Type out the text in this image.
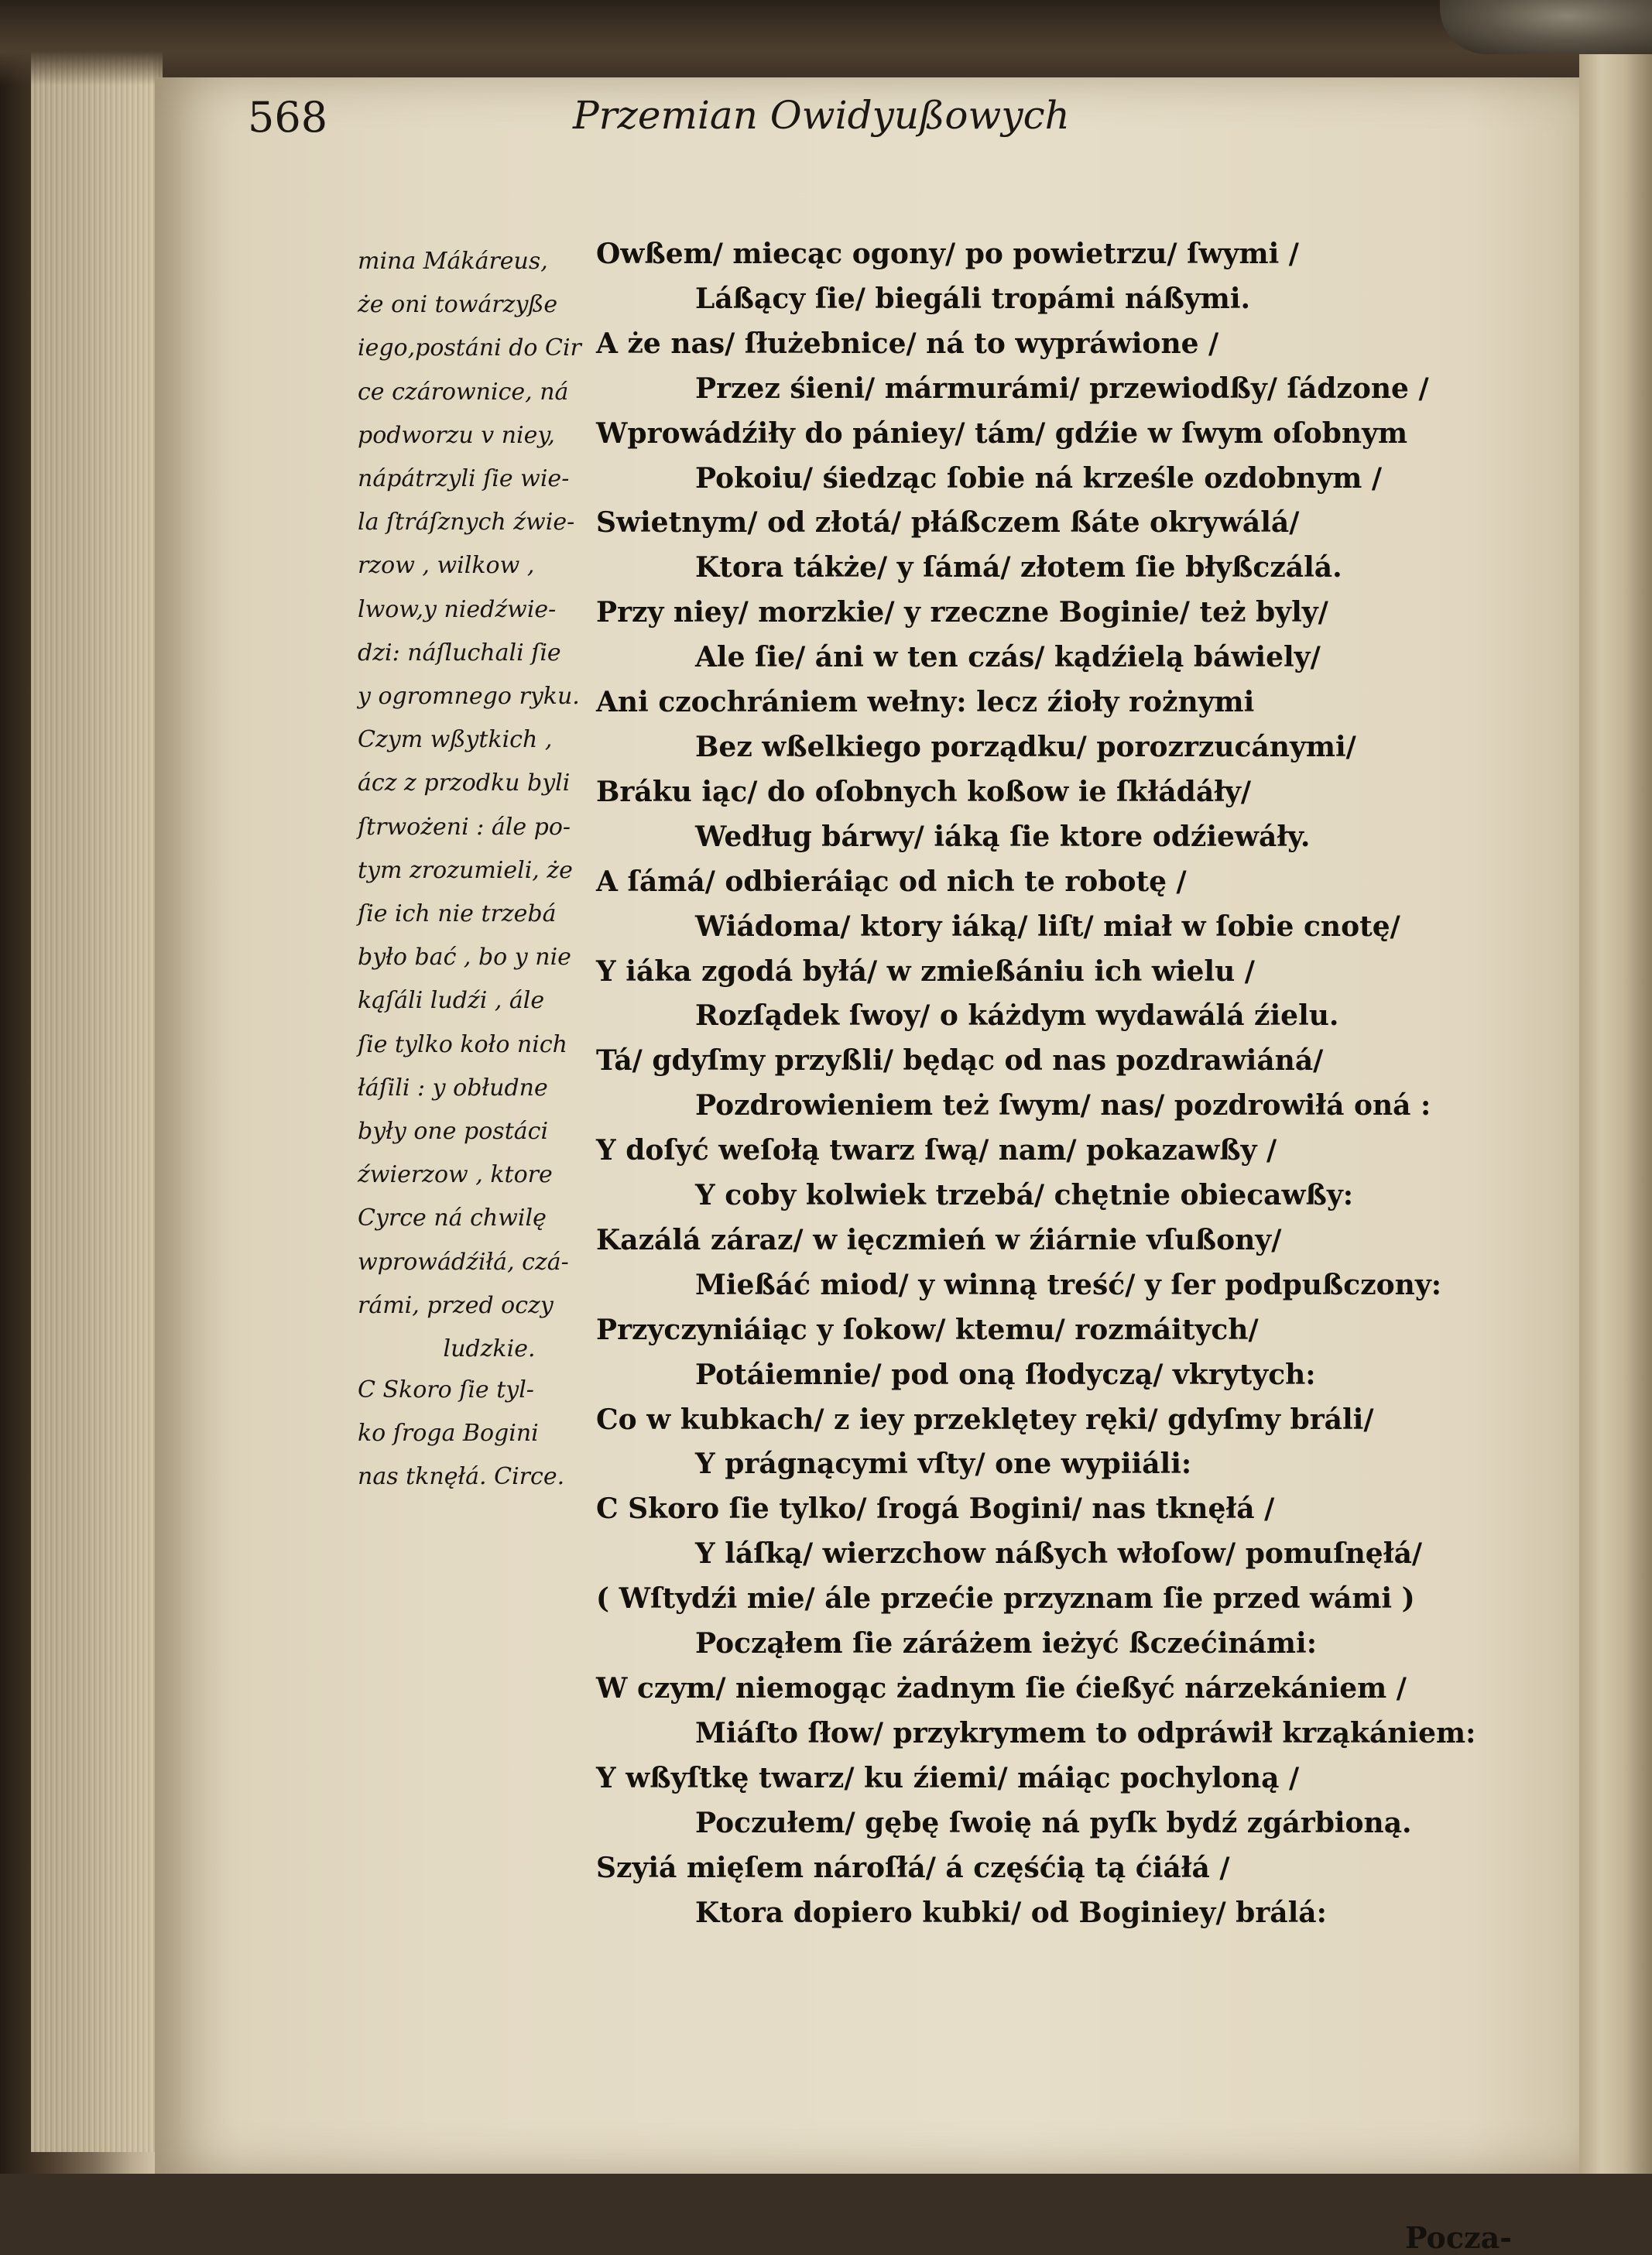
568	Przemian Owidyußowych
mina Mákáreus,
że oni towárzyße
iego,postáni do Cir
ce czárownice, ná
podworzu v niey,
nápátrzyli ſie wie-
la ſtráſznych źwie-
rzow , wilkow ,
lwow,y niedźwie-
dzi: náſluchali ſie
y ogromnego ryku.
Czym wßytkich ,
ácz z przodku byli
ſtrwożeni : ále po-
tym zrozumieli, że
ſie ich nie trzebá
było bać , bo y nie
kąſáli ludźi , ále
ſie tylko koło nich
łáſili : y obłudne
były one postáci
źwierzow , ktore
Cyrce ná chwilę
wprowádźiłá, czá-
rámi, przed oczy
ludzkie.
C Skoro ſie tyl-
ko ſroga Bogini
nas tknęłá. Circe.
Owßem/ miecąc ogony/ po powietrzu/ ſwymi /
Láßący ſie/ biegáli tropámi náßymi.
A że nas/ ſłużebnice/ ná to wypráwione /
Przez śieni/ mármurámi/ przewiodßy/ ſádzone /
Wprowádźiły do pániey/ tám/ gdźie w ſwym oſobnym
Pokoiu/ śiedząc ſobie ná krześle ozdobnym /
Swietnym/ od złotá/ płáßczem ßáte okrywálá/
Ktora tákże/ y ſámá/ złotem ſie błyßczálá.
Przy niey/ morzkie/ y rzeczne Boginie/ też byly/
Ale ſie/ áni w ten czás/ kądźielą báwiely/
Ani czochrániem wełny: lecz źioły rożnymi
Bez wßelkiego porządku/ porozrzucánymi/
Bráku iąc/ do oſobnych koßow ie ſkłádáły/
Według bárwy/ iáką ſie ktore odźiewáły.
A ſámá/ odbieráiąc od nich te robotę /
Wiádoma/ ktory iáką/ liſt/ miał w ſobie cnotę/
Y iáka zgodá byłá/ w zmießániu ich wielu /
Rozſądek ſwoy/ o káżdym wydawálá źielu.
Tá/ gdyſmy przyßli/ będąc od nas pozdrawiáná/
Pozdrowieniem też ſwym/ nas/ pozdrowiłá oná :
Y doſyć weſołą twarz ſwą/ nam/ pokazawßy /
Y coby kolwiek trzebá/ chętnie obiecawßy:
Kazálá záraz/ w ięczmień w źiárnie vſußony/
Mießáć miod/ y winną treść/ y ſer podpußczony:
Przyczyniáiąc y ſokow/ ktemu/ rozmáitych/
Potáiemnie/ pod oną ſłodyczą/ vkrytych:
Co w kubkach/ z iey przeklętey ręki/ gdyſmy bráli/
Y prágnącymi vſty/ one wypiiáli:
C Skoro ſie tylko/ ſrogá Bogini/ nas tknęłá /
Y láſką/ wierzchow náßych włoſow/ pomuſnęłá/
( Wſtydźi mie/ ále przećie przyznam ſie przed wámi )
Począłem ſie záráżem ieżyć ßczećinámi:
W czym/ niemogąc żadnym ſie ćießyć nárzekániem /
Miáſto ſłow/ przykrymem to odpráwił krząkániem:
Y wßyſtkę twarz/ ku źiemi/ máiąc pochyloną /
Poczułem/ gębę ſwoię ná pyſk bydź zgárbioną.
Szyiá mięſem nároſłá/ á częśćią tą ćiáłá /
Ktora dopiero kubki/ od Boginiey/ brálá:
Pocza-
